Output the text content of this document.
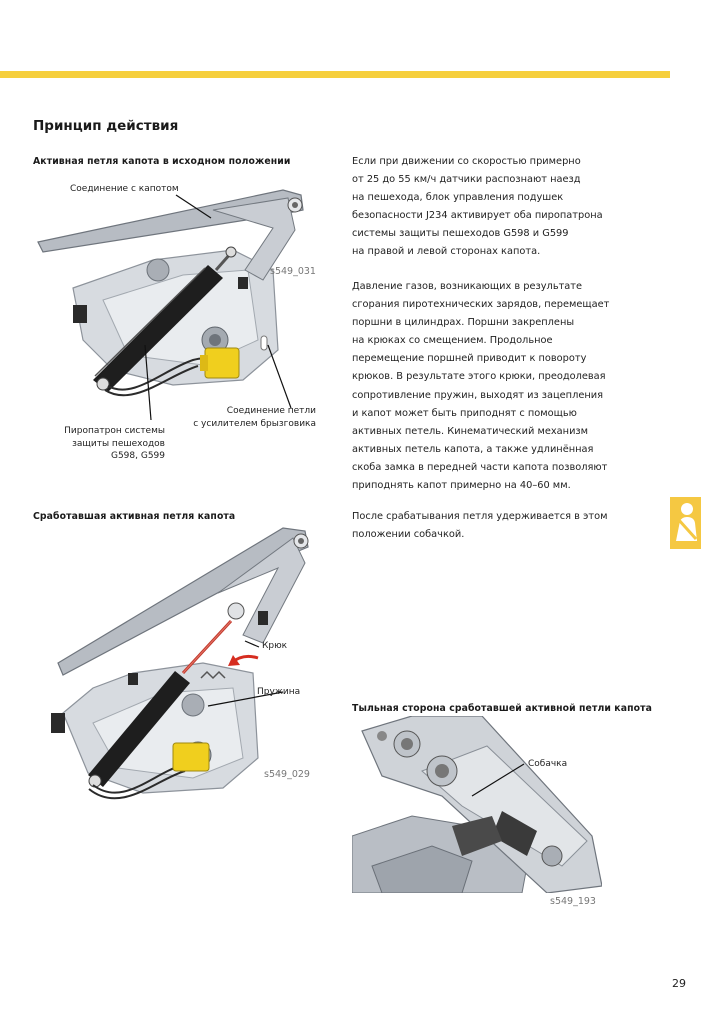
Принцип действия
Активная петля капота в исходном положении
Соединение с капотом
s549_031
Пиропатрон системы
защиты пешеходов
G598, G599
Соединение петли
с усилителем брызговика
Сработавшая активная петля капота
Крюк
Пружина
s549_029
Если при движении со скоростью примерно
от 25 до 55 км/ч датчики распознают наезд
на пешехода, блок управления подушек
безопасности J234 активирует оба пиропатрона
системы защиты пешеходов G598 и G599
на правой и левой сторонах капота.
Давление газов, возникающих в результате
сгорания пиротехнических зарядов, перемещает
поршни в цилиндрах. Поршни закреплены
на крюках со смещением. Продольное
перемещение поршней приводит к повороту
крюков. В результате этого крюки, преодолевая
сопротивление пружин, выходят из зацепления
и капот может быть приподнят с помощью
активных петель. Кинематический механизм
активных петель капота, а также удлинённая
скоба замка в передней части капота позволяют
приподнять капот примерно на 40–60 мм.
После срабатывания петля удерживается в этом
положении собачкой.
Тыльная сторона сработавшей активной петли капота
Собачка
s549_193
29
